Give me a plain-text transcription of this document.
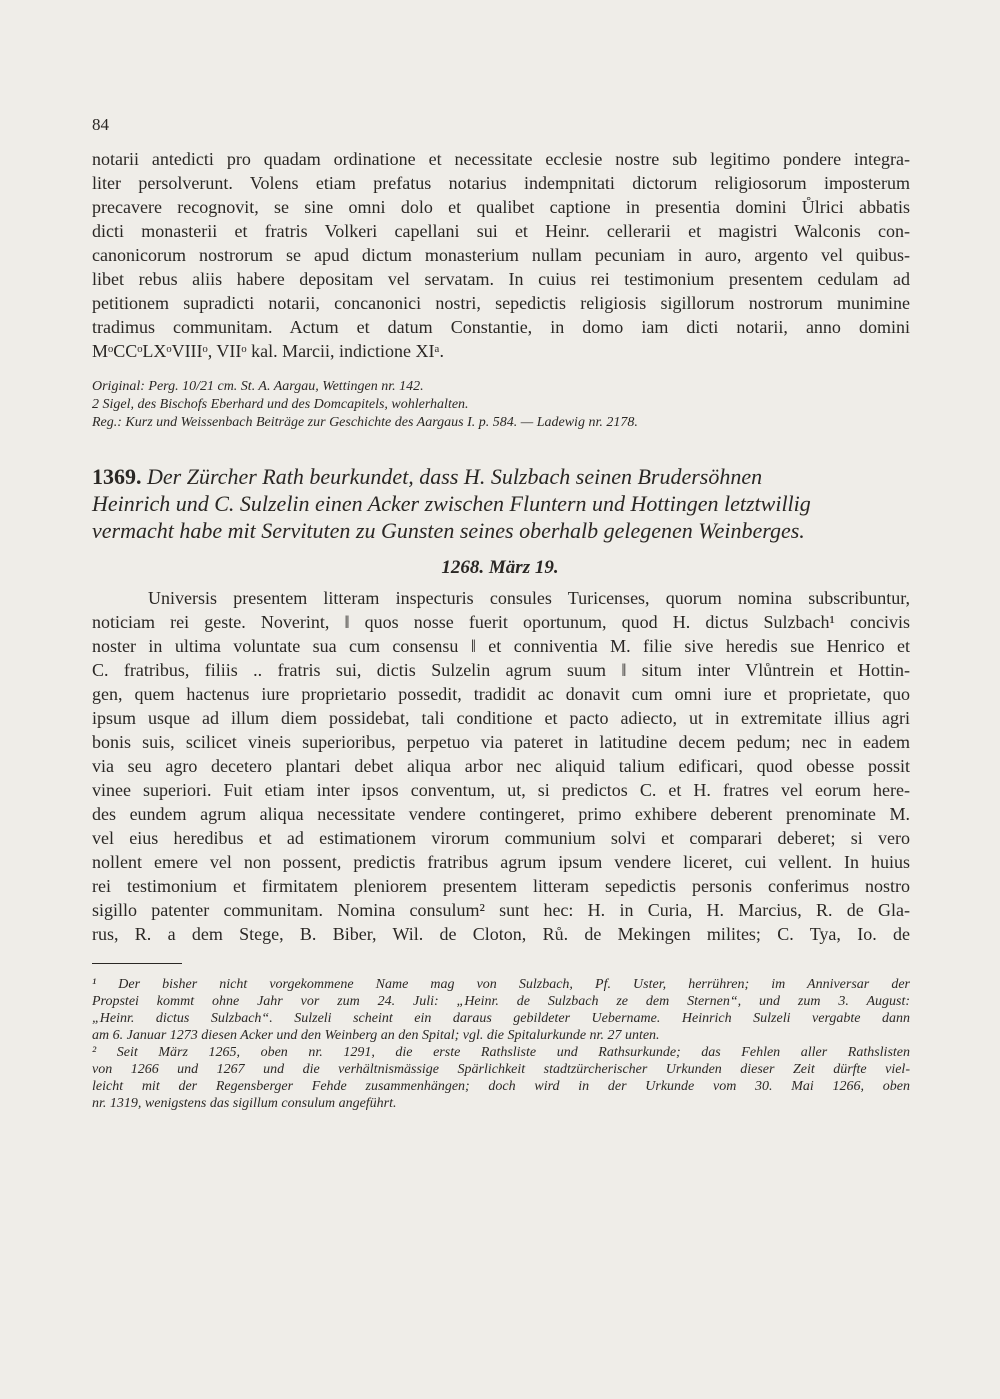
84

notarii antedicti pro quadam ordinatione et necessitate ecclesie nostre sub legitimo pondere integra-
liter persolverunt. Volens etiam prefatus notarius indempnitati dictorum religiosorum imposterum
precavere recognovit, se sine omni dolo et qualibet captione in presentia domini Ůlrici abbatis
dicti monasterii et fratris Volkeri capellani sui et Heinr. cellerarii et magistri Walconis con-
canonicorum nostrorum se apud dictum monasterium nullam pecuniam in auro, argento vel quibus-
libet rebus aliis habere depositam vel servatam. In cuius rei testimonium presentem cedulam ad
petitionem supradicti notarii, concanonici nostri, sepedictis religiosis sigillorum nostrorum munimine
tradimus communitam. Actum et datum Constantie, in domo iam dicti notarii, anno domini
MᵒCCᵒLXᵒVIIIᵒ, VIIᵒ kal. Marcii, indictione XIᵃ.
Original: Perg. 10/21 cm. St. A. Aargau, Wettingen nr. 142.
2 Sigel, des Bischofs Eberhard und des Domcapitels, wohlerhalten.
Reg.: Kurz und Weissenbach Beiträge zur Geschichte des Aargaus I. p. 584. — Ladewig nr. 2178.
1369. Der Zürcher Rath beurkundet, dass H. Sulzbach seinen Brudersöhnen
Heinrich und C. Sulzelin einen Acker zwischen Fluntern und Hottingen letztwillig
vermacht habe mit Servituten zu Gunsten seines oberhalb gelegenen Weinberges.

1268. März 19.

Universis presentem litteram inspecturis consules Turicenses, quorum nomina subscribuntur,
noticiam rei geste. Noverint, ‖ quos nosse fuerit oportunum, quod H. dictus Sulzbach¹ concivis
noster in ultima voluntate sua cum consensu ‖ et conniventia M. filie sive heredis sue Henrico et
C. fratribus, filiis .. fratris sui, dictis Sulzelin agrum suum ‖ situm inter Vlůntrein et Hottin-
gen, quem hactenus iure proprietario possedit, tradidit ac donavit cum omni iure et proprietate, quo
ipsum usque ad illum diem possidebat, tali conditione et pacto adiecto, ut in extremitate illius agri
bonis suis, scilicet vineis superioribus, perpetuo via pateret in latitudine decem pedum; nec in eadem
via seu agro decetero plantari debet aliqua arbor nec aliquid talium edificari, quod obesse possit
vinee superiori. Fuit etiam inter ipsos conventum, ut, si predictos C. et H. fratres vel eorum here-
des eundem agrum aliqua necessitate vendere contingeret, primo exhibere deberent prenominate M.
vel eius heredibus et ad estimationem virorum communium solvi et comparari deberet; si vero
nollent emere vel non possent, predictis fratribus agrum ipsum vendere liceret, cui vellent. In huius
rei testimonium et firmitatem pleniorem presentem litteram sepedictis personis conferimus nostro
sigillo patenter communitam. Nomina consulum² sunt hec: H. in Curia, H. Marcius, R. de Gla-
rus, R. a dem Stege, B. Biber, Wil. de Cloton, Rů. de Mekingen milites; C. Tya, Io. de
¹ Der bisher nicht vorgekommene Name mag von Sulzbach, Pf. Uster, herrühren; im Anniversar der
Propstei kommt ohne Jahr vor zum 24. Juli: „Heinr. de Sulzbach ze dem Sternen“, und zum 3. August:
„Heinr. dictus Sulzbach“. Sulzeli scheint ein daraus gebildeter Uebername. Heinrich Sulzeli vergabte dann
am 6. Januar 1273 diesen Acker und den Weinberg an den Spital; vgl. die Spitalurkunde nr. 27 unten.
² Seit März 1265, oben nr. 1291, die erste Rathsliste und Rathsurkunde; das Fehlen aller Rathslisten
von 1266 und 1267 und die verhältnismässige Spärlichkeit stadtzürcherischer Urkunden dieser Zeit dürfte viel-
leicht mit der Regensberger Fehde zusammenhängen; doch wird in der Urkunde vom 30. Mai 1266, oben
nr. 1319, wenigstens das sigillum consulum angeführt.
